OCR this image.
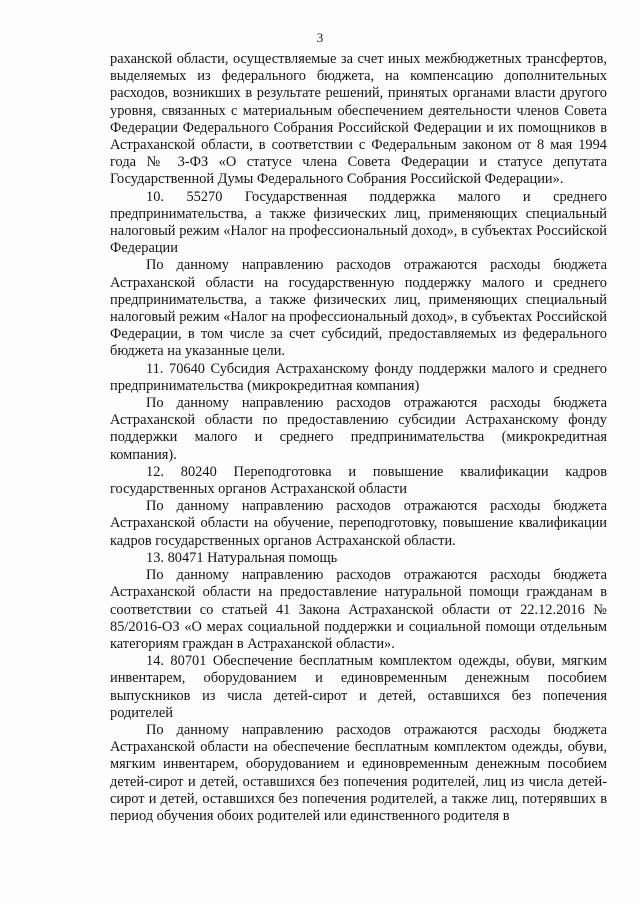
3

раханской области, осуществляемые за счет иных межбюджетных трансфертов, выделяемых из федерального бюджета, на компенсацию дополнительных расходов, возникших в результате решений, принятых органами власти другого уровня, связанных с материальным обеспечением деятельности членов Совета Федерации Федерального Собрания Российской Федерации и их помощников в Астраханской области, в соответствии с Федеральным законом от 8 мая 1994 года № 3-ФЗ «О статусе члена Совета Федерации и статусе депутата Государственной Думы Федерального Собрания Российской Федерации».

10. 55270 Государственная поддержка малого и среднего предпринимательства, а также физических лиц, применяющих специальный налоговый режим «Налог на профессиональный доход», в субъектах Российской Федерации

По данному направлению расходов отражаются расходы бюджета Астраханской области на государственную поддержку малого и среднего предпринимательства, а также физических лиц, применяющих специальный налоговый режим «Налог на профессиональный доход», в субъектах Российской Федерации, в том числе за счет субсидий, предоставляемых из федерального бюджета на указанные цели.

11. 70640 Субсидия Астраханскому фонду поддержки малого и среднего предпринимательства (микрокредитная компания)

По данному направлению расходов отражаются расходы бюджета Астраханской области по предоставлению субсидии Астраханскому фонду поддержки малого и среднего предпринимательства (микрокредитная компания).

12. 80240 Переподготовка и повышение квалификации кадров государственных органов Астраханской области

По данному направлению расходов отражаются расходы бюджета Астраханской области на обучение, переподготовку, повышение квалификации кадров государственных органов Астраханской области.

13. 80471 Натуральная помощь

По данному направлению расходов отражаются расходы бюджета Астраханской области на предоставление натуральной помощи гражданам в соответствии со статьей 41 Закона Астраханской области от 22.12.2016 № 85/2016-ОЗ «О мерах социальной поддержки и социальной помощи отдельным категориям граждан в Астраханской области».

14. 80701 Обеспечение бесплатным комплектом одежды, обуви, мягким инвентарем, оборудованием и единовременным денежным пособием выпускников из числа детей-сирот и детей, оставшихся без попечения родителей

По данному направлению расходов отражаются расходы бюджета Астраханской области на обеспечение бесплатным комплектом одежды, обуви, мягким инвентарем, оборудованием и единовременным денежным пособием детей-сирот и детей, оставшихся без попечения родителей, лиц из числа детей-сирот и детей, оставшихся без попечения родителей, а также лиц, потерявших в период обучения обоих родителей или единственного родителя в
